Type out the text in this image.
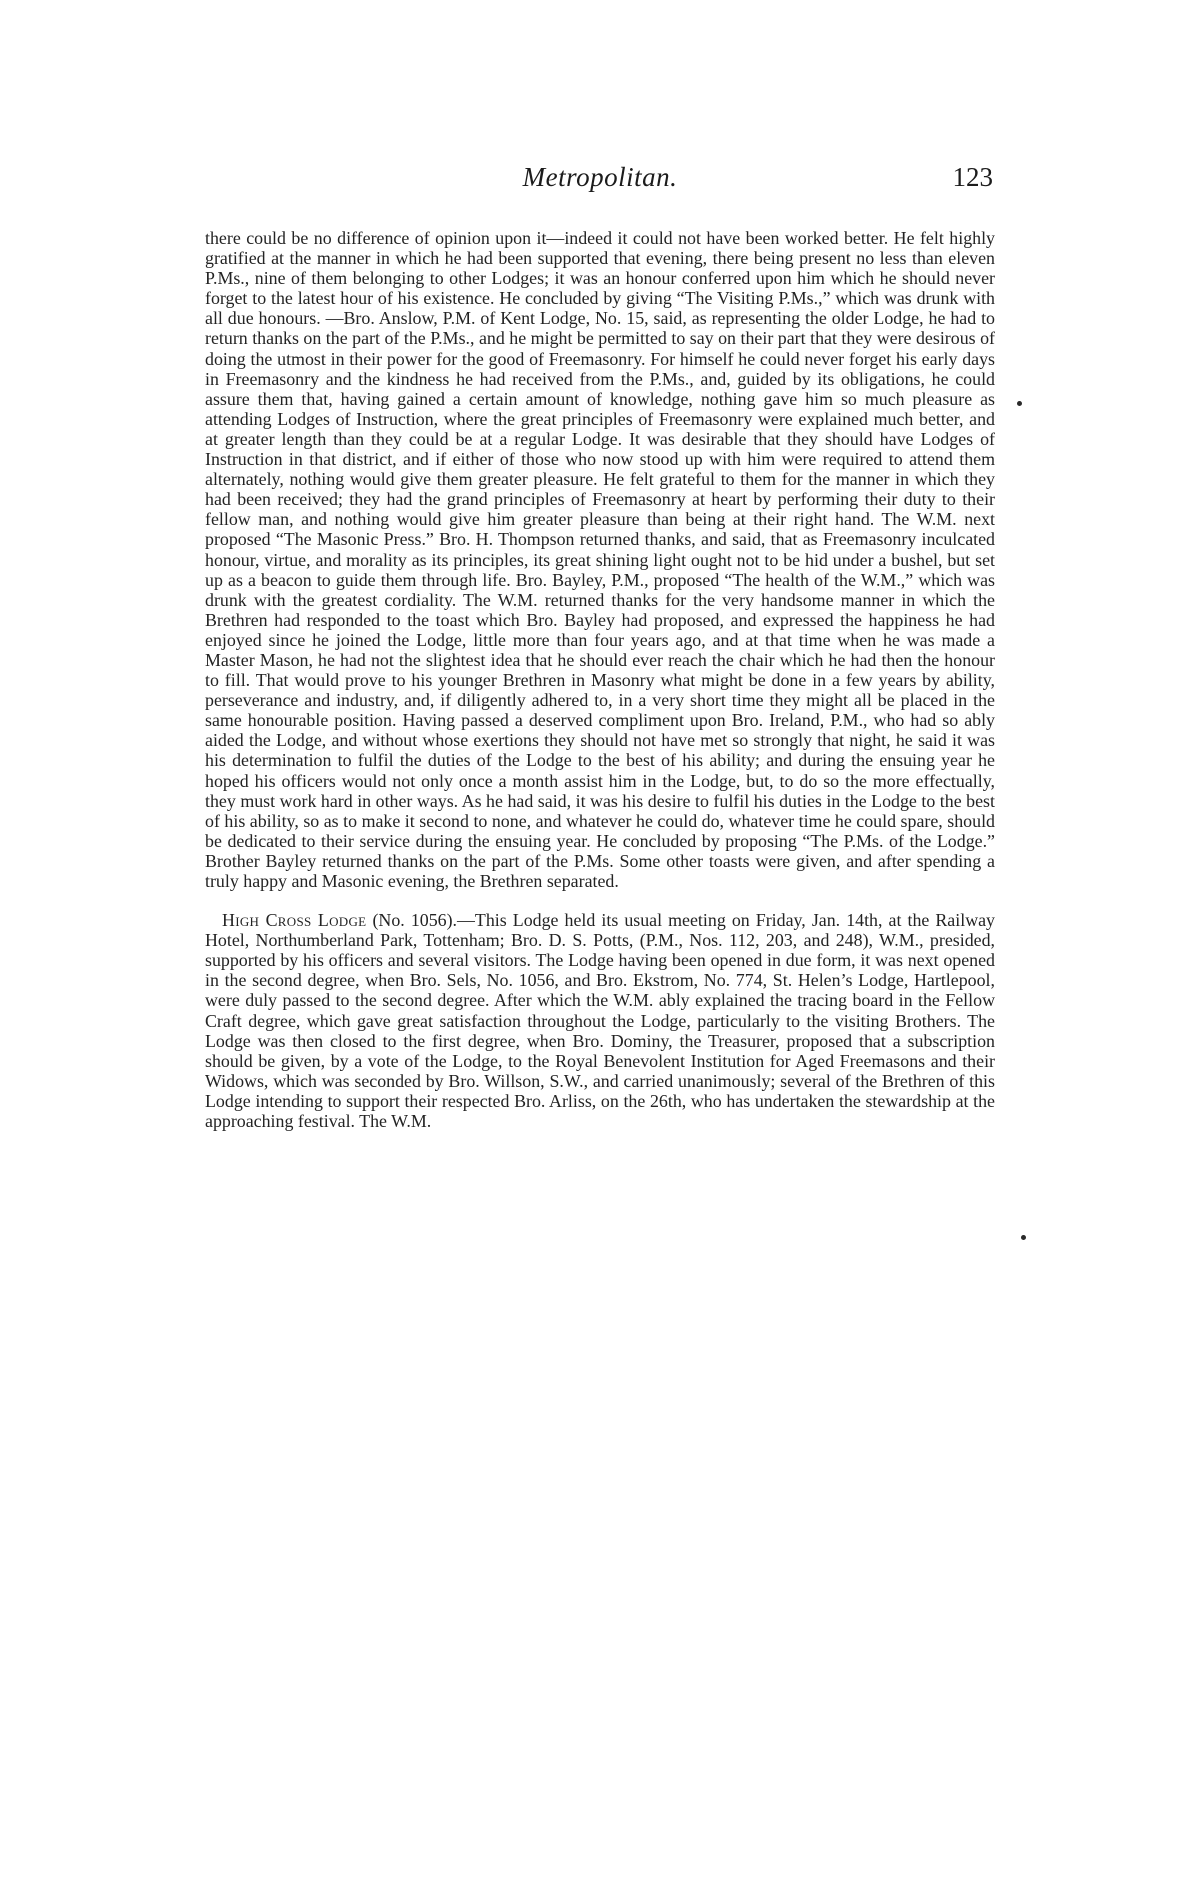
Metropolitan.	123

there could be no difference of opinion upon it—indeed it could not have been worked better. He felt highly gratified at the manner in which he had been supported that evening, there being present no less than eleven P.Ms., nine of them belonging to other Lodges; it was an honour conferred upon him which he should never forget to the latest hour of his existence. He concluded by giving “The Visiting P.Ms.,” which was drunk with all due honours. —Bro. Anslow, P.M. of Kent Lodge, No. 15, said, as representing the older Lodge, he had to return thanks on the part of the P.Ms., and he might be permitted to say on their part that they were desirous of doing the utmost in their power for the good of Freemasonry. For himself he could never forget his early days in Freemasonry and the kindness he had received from the P.Ms., and, guided by its obligations, he could assure them that, having gained a certain amount of knowledge, nothing gave him so much pleasure as attending Lodges of Instruction, where the great principles of Freemasonry were explained much better, and at greater length than they could be at a regular Lodge. It was desirable that they should have Lodges of Instruction in that district, and if either of those who now stood up with him were required to attend them alternately, nothing would give them greater pleasure. He felt grateful to them for the manner in which they had been received; they had the grand principles of Freemasonry at heart by performing their duty to their fellow man, and nothing would give him greater pleasure than being at their right hand. The W.M. next proposed “The Masonic Press.” Bro. H. Thompson returned thanks, and said, that as Freemasonry inculcated honour, virtue, and morality as its principles, its great shining light ought not to be hid under a bushel, but set up as a beacon to guide them through life. Bro. Bayley, P.M., proposed “The health of the W.M.,” which was drunk with the greatest cordiality. The W.M. returned thanks for the very handsome manner in which the Brethren had responded to the toast which Bro. Bayley had proposed, and expressed the happiness he had enjoyed since he joined the Lodge, little more than four years ago, and at that time when he was made a Master Mason, he had not the slightest idea that he should ever reach the chair which he had then the honour to fill. That would prove to his younger Brethren in Masonry what might be done in a few years by ability, perseverance and industry, and, if diligently adhered to, in a very short time they might all be placed in the same honourable position. Having passed a deserved compliment upon Bro. Ireland, P.M., who had so ably aided the Lodge, and without whose exertions they should not have met so strongly that night, he said it was his determination to fulfil the duties of the Lodge to the best of his ability; and during the ensuing year he hoped his officers would not only once a month assist him in the Lodge, but, to do so the more effectually, they must work hard in other ways. As he had said, it was his desire to fulfil his duties in the Lodge to the best of his ability, so as to make it second to none, and whatever he could do, whatever time he could spare, should be dedicated to their service during the ensuing year. He concluded by proposing “The P.Ms. of the Lodge.” Brother Bayley returned thanks on the part of the P.Ms. Some other toasts were given, and after spending a truly happy and Masonic evening, the Brethren separated.

High Cross Lodge (No. 1056).—This Lodge held its usual meeting on Friday, Jan. 14th, at the Railway Hotel, Northumberland Park, Tottenham; Bro. D. S. Potts, (P.M., Nos. 112, 203, and 248), W.M., presided, supported by his officers and several visitors. The Lodge having been opened in due form, it was next opened in the second degree, when Bro. Sels, No. 1056, and Bro. Ekstrom, No. 774, St. Helen’s Lodge, Hartlepool, were duly passed to the second degree. After which the W.M. ably explained the tracing board in the Fellow Craft degree, which gave great satisfaction throughout the Lodge, particularly to the visiting Brothers. The Lodge was then closed to the first degree, when Bro. Dominy, the Treasurer, proposed that a subscription should be given, by a vote of the Lodge, to the Royal Benevolent Institution for Aged Freemasons and their Widows, which was seconded by Bro. Willson, S.W., and carried unanimously; several of the Brethren of this Lodge intending to support their respected Bro. Arliss, on the 26th, who has undertaken the stewardship at the approaching festival. The W.M.
